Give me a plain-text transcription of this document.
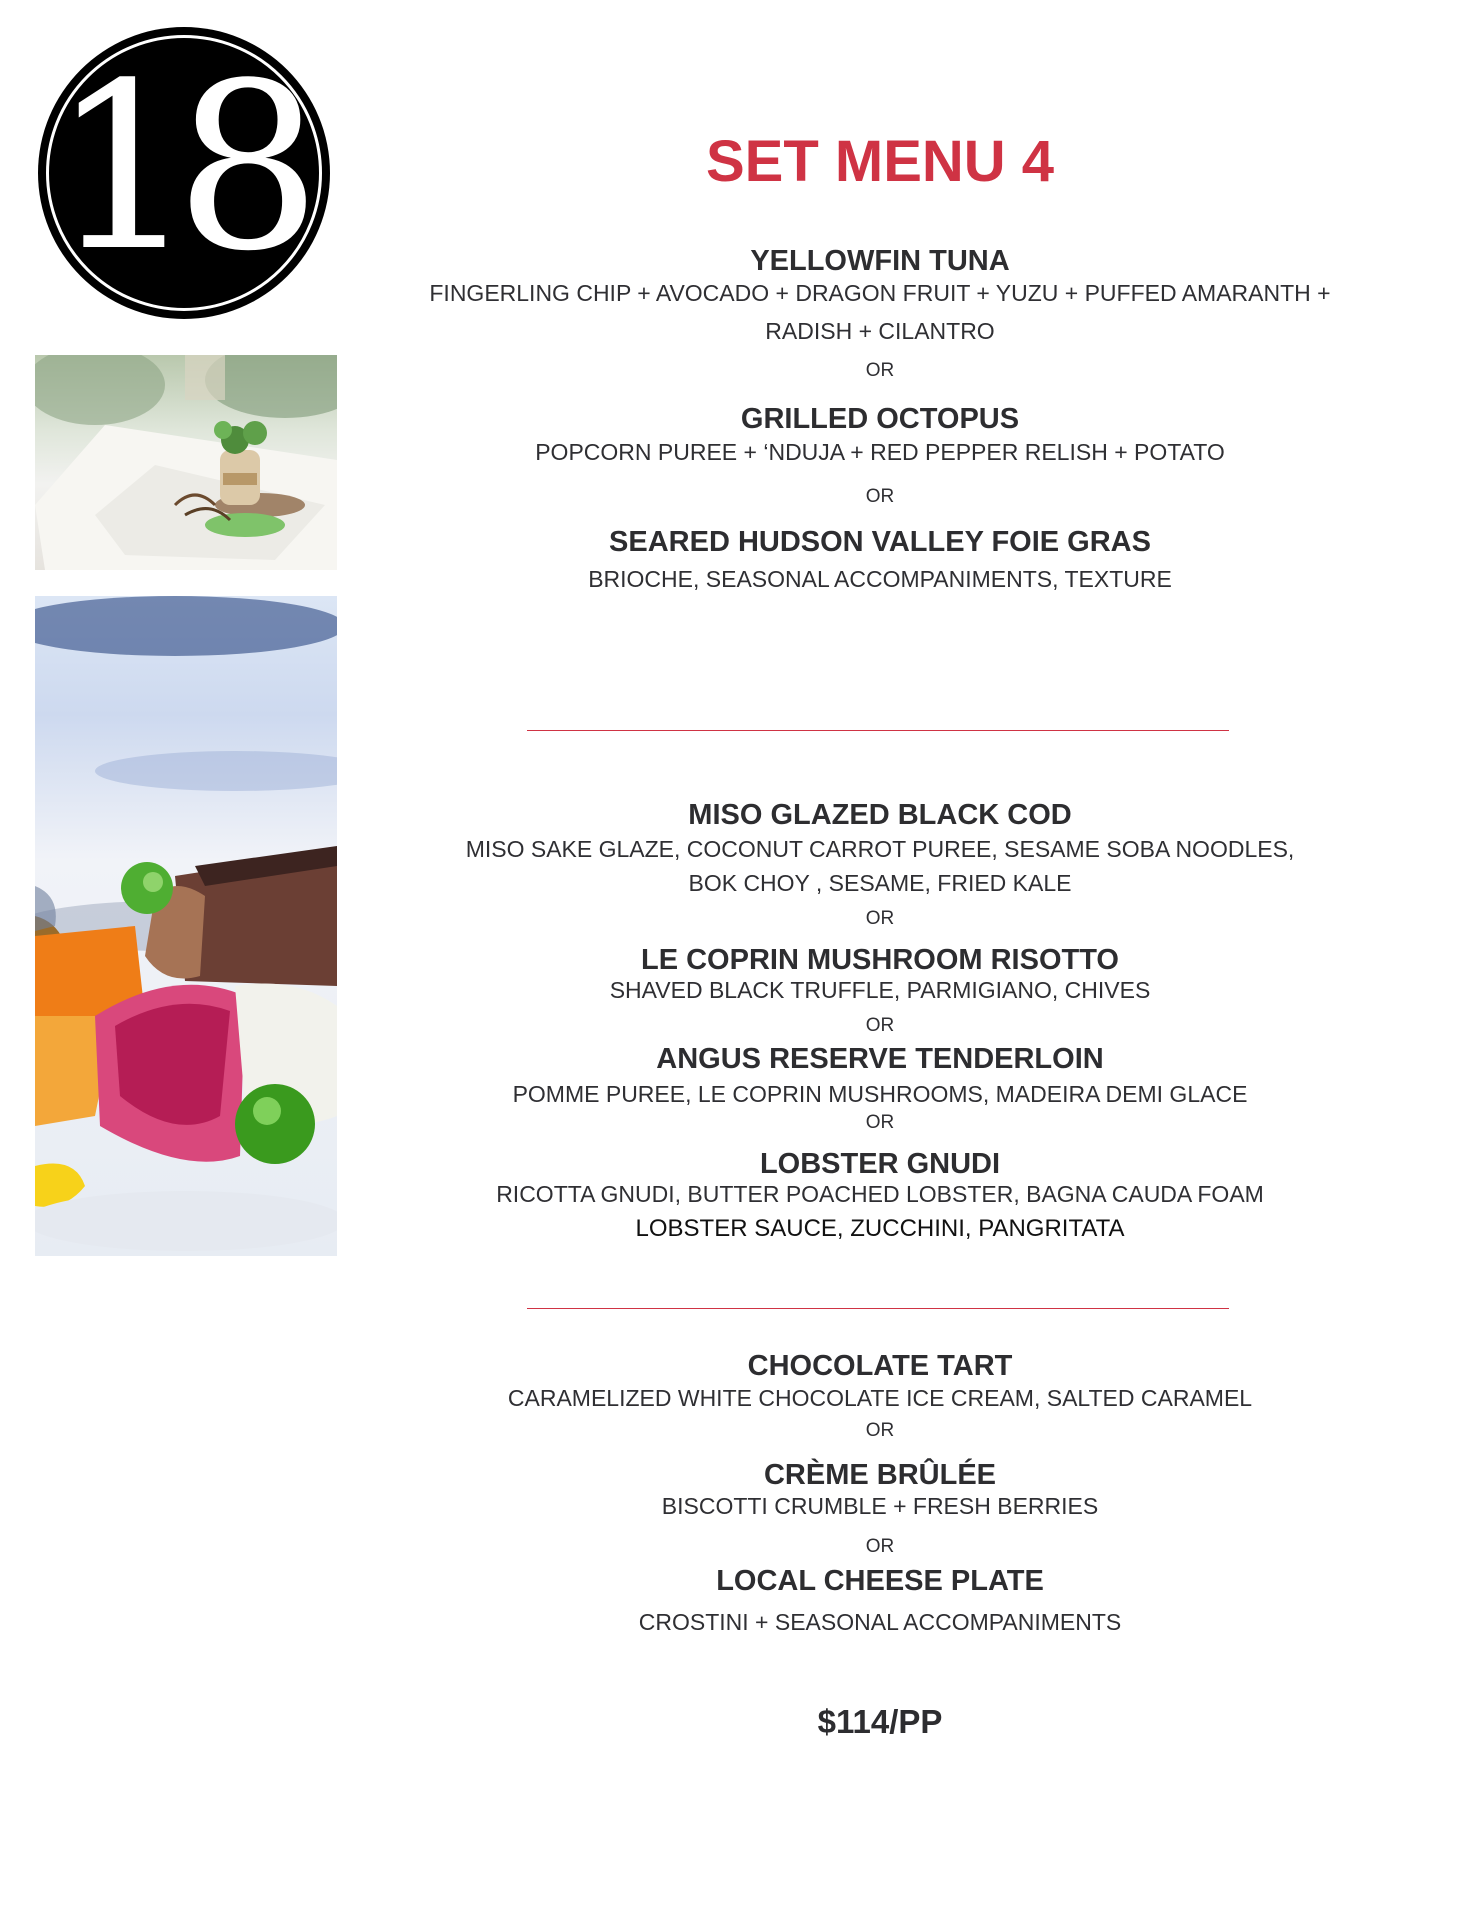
18	SET MENU 4
YELLOWFIN TUNA
FINGERLING CHIP + AVOCADO + DRAGON FRUIT + YUZU + PUFFED AMARANTH +
RADISH + CILANTRO
OR
GRILLED OCTOPUS
POPCORN PUREE + ‘NDUJA + RED PEPPER RELISH + POTATO
OR
SEARED HUDSON VALLEY FOIE GRAS
BRIOCHE, SEASONAL ACCOMPANIMENTS, TEXTURE
MISO GLAZED BLACK COD
MISO SAKE GLAZE, COCONUT CARROT PUREE, SESAME SOBA NOODLES,
BOK CHOY , SESAME, FRIED KALE
OR
LE COPRIN MUSHROOM RISOTTO
SHAVED BLACK TRUFFLE, PARMIGIANO, CHIVES
OR
ANGUS RESERVE TENDERLOIN
POMME PUREE, LE COPRIN MUSHROOMS, MADEIRA DEMI GLACE
OR
LOBSTER GNUDI
RICOTTA GNUDI, BUTTER POACHED LOBSTER, BAGNA CAUDA FOAM
LOBSTER SAUCE, ZUCCHINI, PANGRITATA
CHOCOLATE TART
CARAMELIZED WHITE CHOCOLATE ICE CREAM, SALTED CARAMEL
OR
CRÈME BRÛLÉE
BISCOTTI CRUMBLE + FRESH BERRIES
OR
LOCAL CHEESE PLATE
CROSTINI + SEASONAL ACCOMPANIMENTS
$114/PP
